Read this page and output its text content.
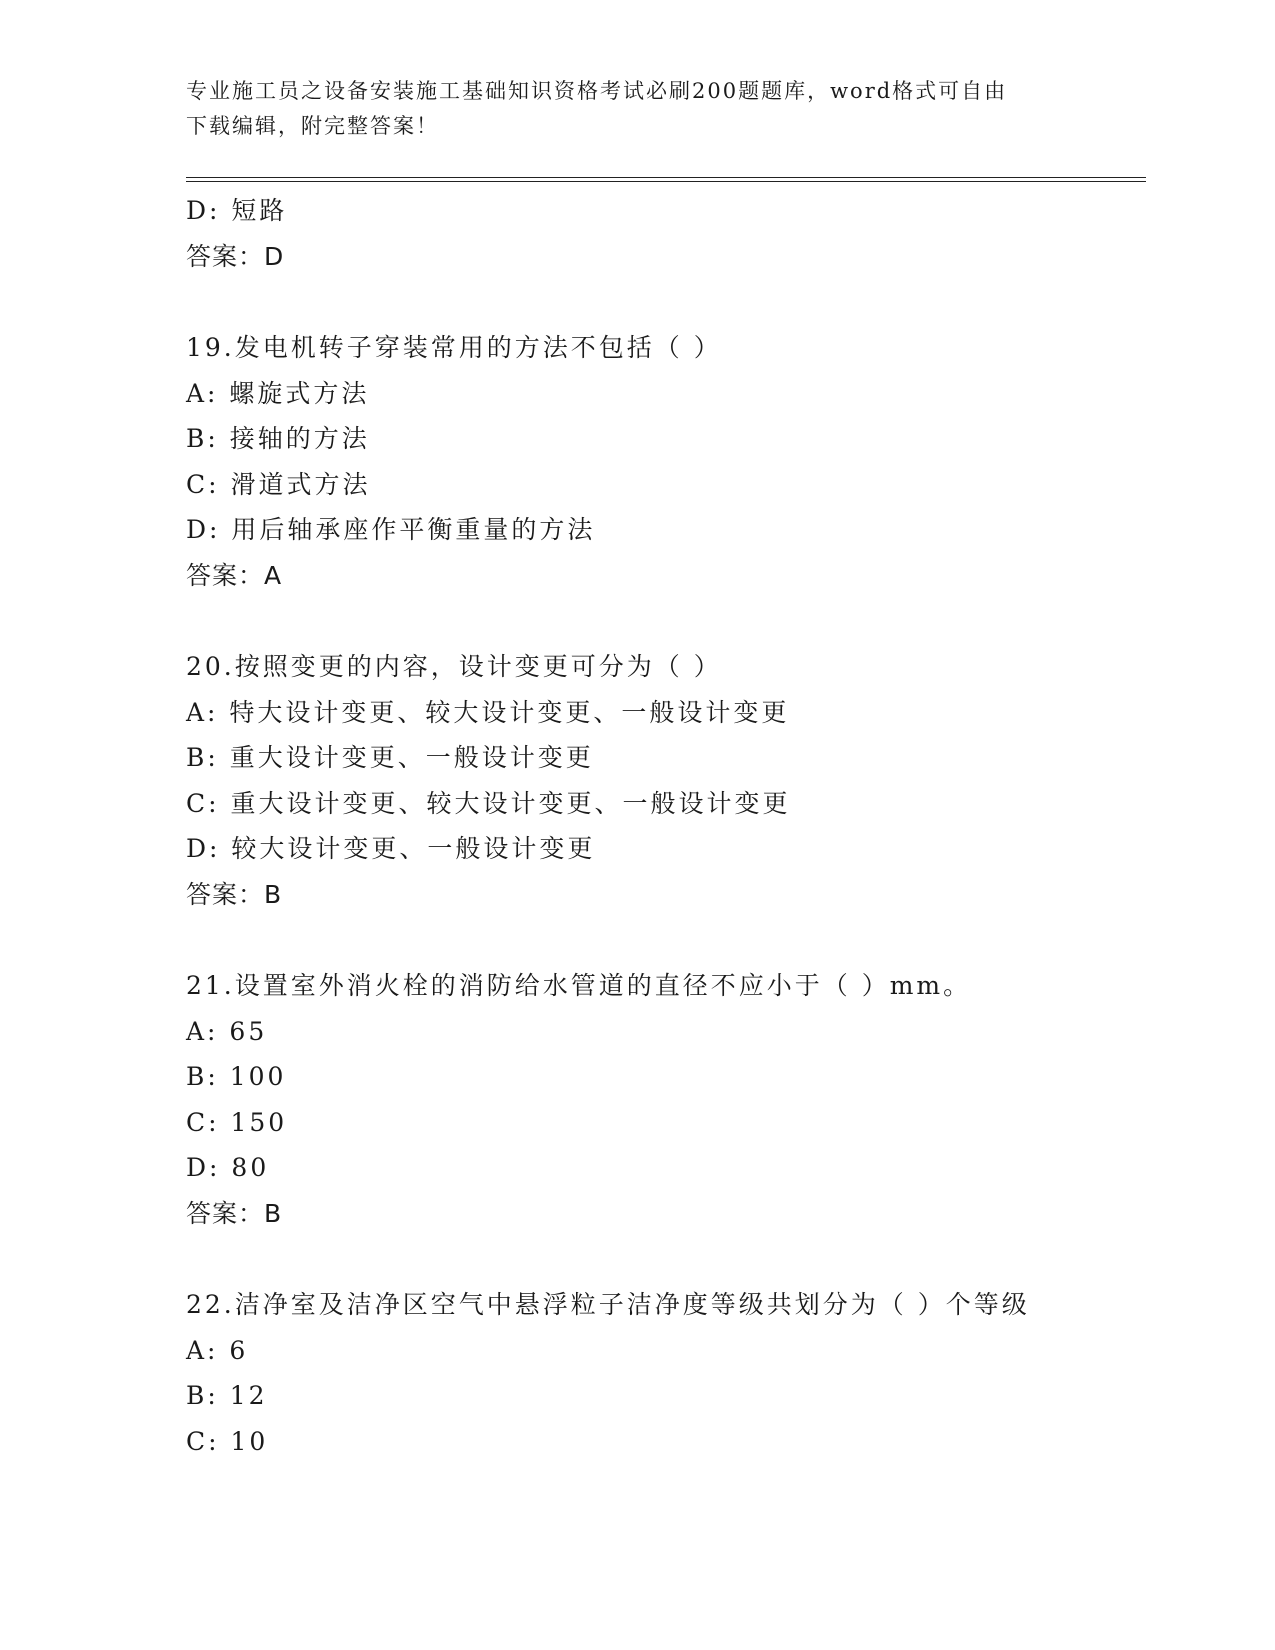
专业施工员之设备安装施工基础知识资格考试必刷200题题库，word格式可自由
下载编辑，附完整答案！
D: 短路
答案：D
19.发电机转子穿装常用的方法不包括（ ）
A: 螺旋式方法
B: 接轴的方法
C: 滑道式方法
D: 用后轴承座作平衡重量的方法
答案：A
20.按照变更的内容，设计变更可分为（ ）
A: 特大设计变更、较大设计变更、一般设计变更
B: 重大设计变更、一般设计变更
C: 重大设计变更、较大设计变更、一般设计变更
D: 较大设计变更、一般设计变更
答案：B
21.设置室外消火栓的消防给水管道的直径不应小于（ ）mm。
A: 65
B: 100
C: 150
D: 80
答案：B
22.洁净室及洁净区空气中悬浮粒子洁净度等级共划分为（ ）个等级
A: 6
B: 12
C: 10
